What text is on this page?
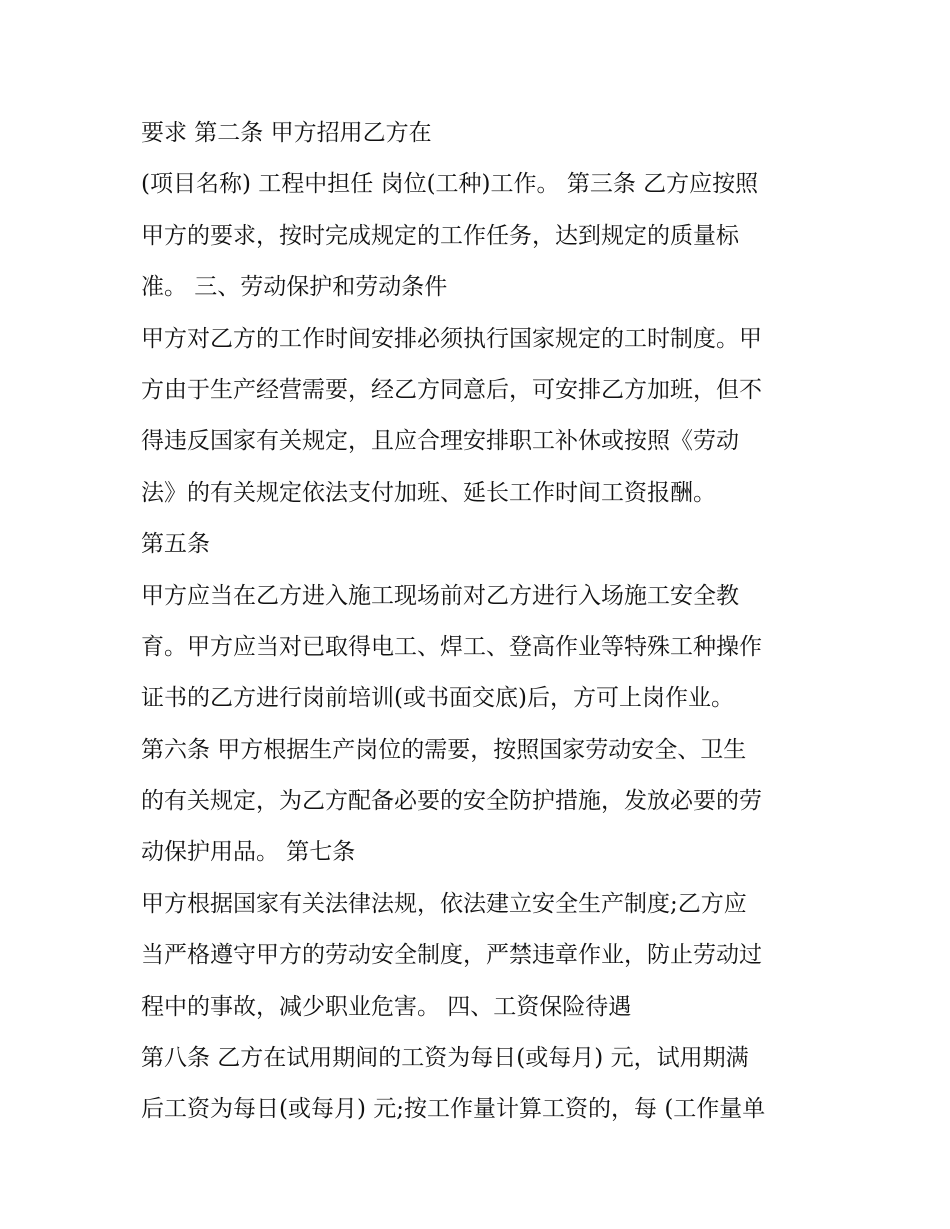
要求 第二条 甲方招用乙方在
(项目名称) 工程中担任 岗位(工种)工作。 第三条 乙方应按照
甲方的要求，按时完成规定的工作任务，达到规定的质量标
准。 三、劳动保护和劳动条件
甲方对乙方的工作时间安排必须执行国家规定的工时制度。甲
方由于生产经营需要，经乙方同意后，可安排乙方加班，但不
得违反国家有关规定，且应合理安排职工补休或按照《劳动
法》的有关规定依法支付加班、延长工作时间工资报酬。
第五条
甲方应当在乙方进入施工现场前对乙方进行入场施工安全教
育。甲方应当对已取得电工、焊工、登高作业等特殊工种操作
证书的乙方进行岗前培训(或书面交底)后，方可上岗作业。
第六条 甲方根据生产岗位的需要，按照国家劳动安全、卫生
的有关规定，为乙方配备必要的安全防护措施，发放必要的劳
动保护用品。 第七条
甲方根据国家有关法律法规，依法建立安全生产制度;乙方应
当严格遵守甲方的劳动安全制度，严禁违章作业，防止劳动过
程中的事故，减少职业危害。 四、工资保险待遇
第八条 乙方在试用期间的工资为每日(或每月) 元，试用期满
后工资为每日(或每月) 元;按工作量计算工资的，每 (工作量单
